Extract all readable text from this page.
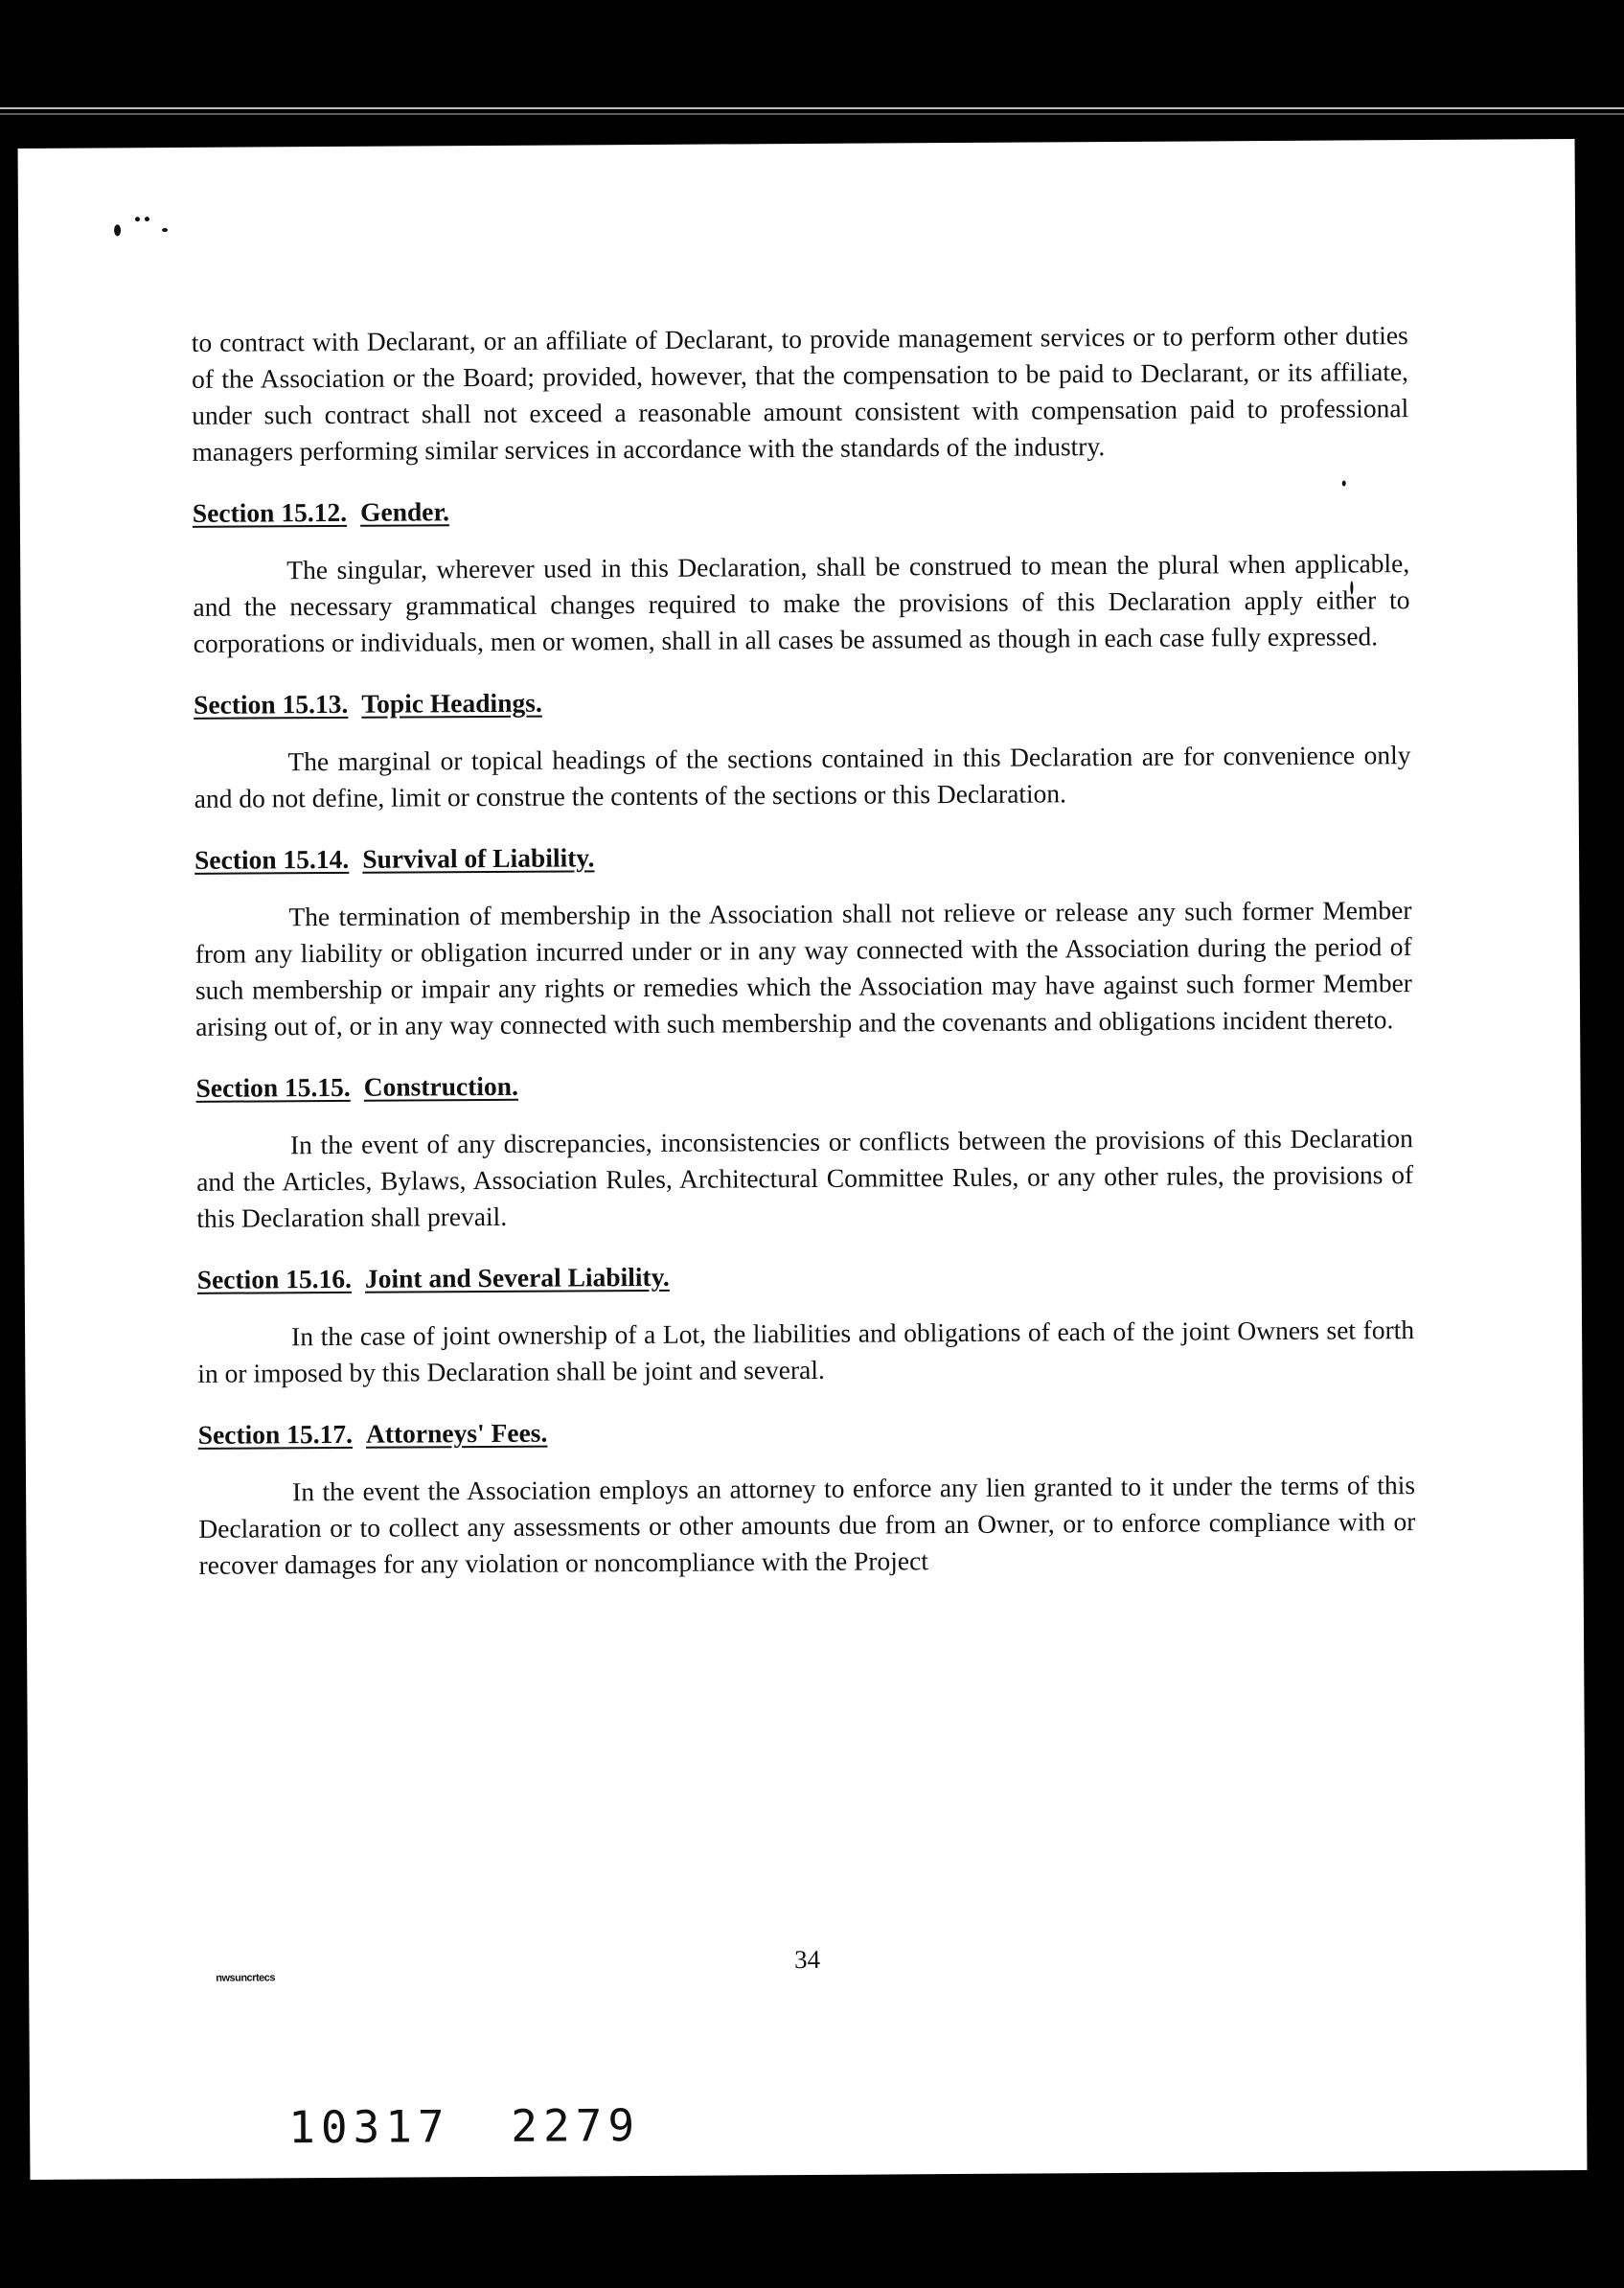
to contract with Declarant, or an affiliate of Declarant, to provide management services or to perform other duties of the Association or the Board; provided, however, that the compensation to be paid to Declarant, or its affiliate, under such contract shall not exceed a reasonable amount consistent with compensation paid to professional managers performing similar services in accordance with the standards of the industry.

Section 15.12. Gender.

The singular, wherever used in this Declaration, shall be construed to mean the plural when applicable, and the necessary grammatical changes required to make the provisions of this Declaration apply either to corporations or individuals, men or women, shall in all cases be assumed as though in each case fully expressed.

Section 15.13. Topic Headings.

The marginal or topical headings of the sections contained in this Declaration are for convenience only and do not define, limit or construe the contents of the sections or this Declaration.

Section 15.14. Survival of Liability.

The termination of membership in the Association shall not relieve or release any such former Member from any liability or obligation incurred under or in any way connected with the Association during the period of such membership or impair any rights or remedies which the Association may have against such former Member arising out of, or in any way connected with such membership and the covenants and obligations incident thereto.

Section 15.15. Construction.

In the event of any discrepancies, inconsistencies or conflicts between the provisions of this Declaration and the Articles, Bylaws, Association Rules, Architectural Committee Rules, or any other rules, the provisions of this Declaration shall prevail.

Section 15.16. Joint and Several Liability.

In the case of joint ownership of a Lot, the liabilities and obligations of each of the joint Owners set forth in or imposed by this Declaration shall be joint and several.

Section 15.17. Attorneys' Fees.

In the event the Association employs an attorney to enforce any lien granted to it under the terms of this Declaration or to collect any assessments or other amounts due from an Owner, or to enforce compliance with or recover damages for any violation or noncompliance with the Project

34
nwsuncrtecs
10317 2279
